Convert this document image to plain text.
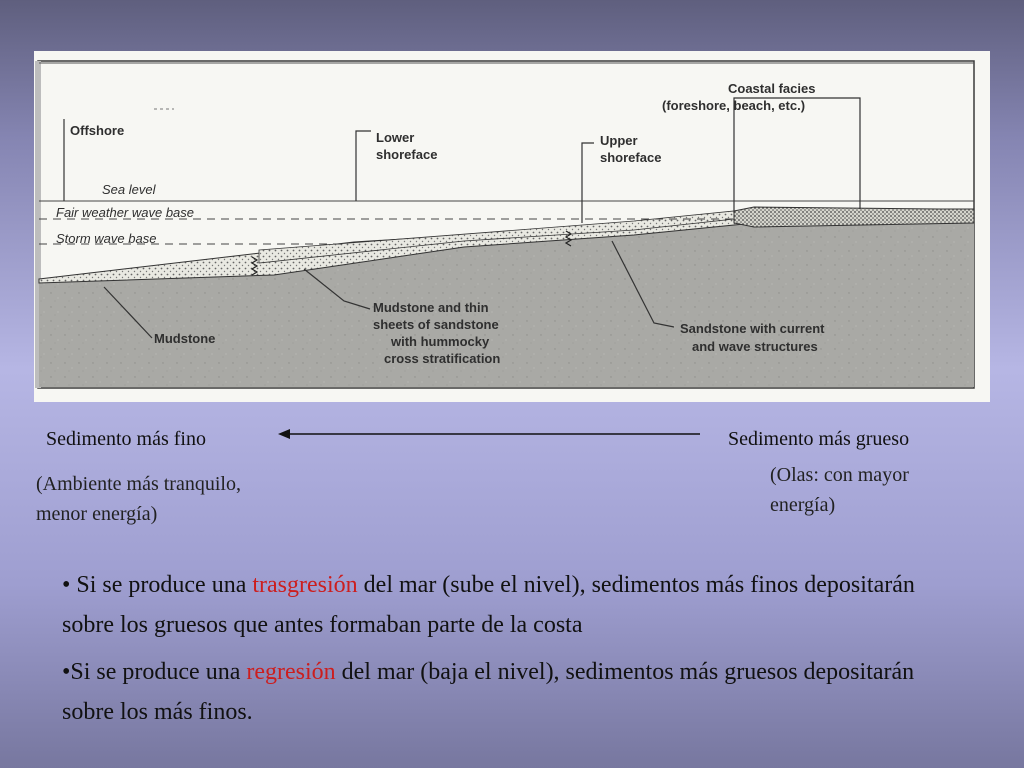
Offshore	Lower
shoreface
Upper
shoreface
Coastal facies
(foreshore, beach, etc.)
Sea level
Fair weather wave base
Storm wave base
Mudstone
Mudstone and thin
sheets of sandstone
with hummocky
cross stratification
Sandstone with current
and wave structures
Sedimento más fino	Sedimento más grueso
(Ambiente más tranquilo,
menor energía)
(Olas: con mayor
energía)
• Si se produce una trasgresión del mar (sube el nivel), sedimentos más finos depositarán sobre los gruesos que antes formaban parte de la costa
•Si se produce una regresión del mar (baja el nivel), sedimentos más gruesos depositarán sobre los más finos.
